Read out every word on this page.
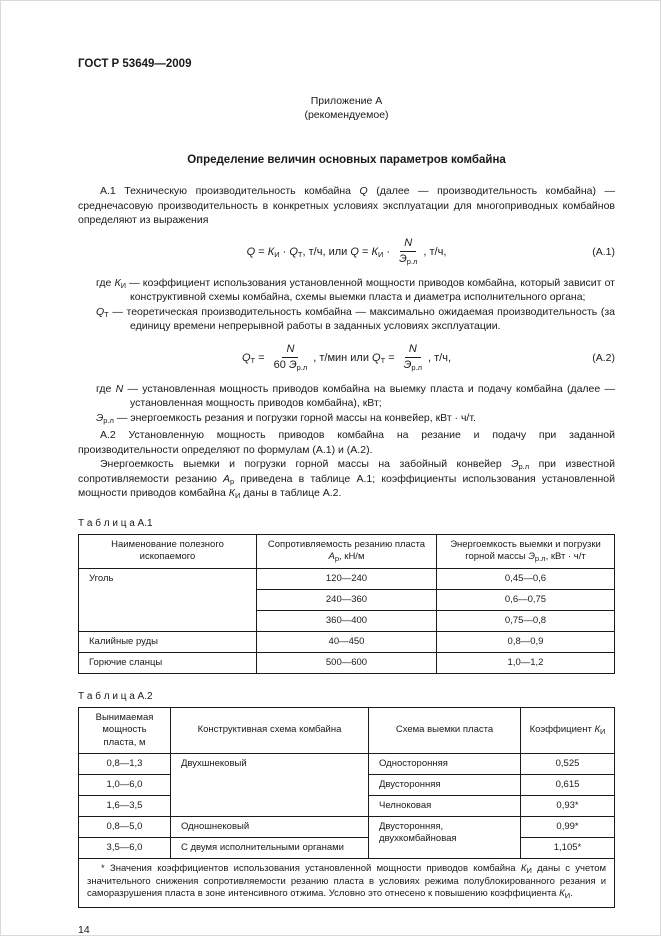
ГОСТ Р 53649—2009
Приложение А
(рекомендуемое)
Определение величин основных параметров комбайна

А.1 Техническую производительность комбайна Q (далее — производительность комбайна) — среднечасовую производительность в конкретных условиях эксплуатации для многоприводных комбайнов определяют из выражения

$Q = К_И \cdot Q_Т$, т/ч, или $Q = К_И \cdot \frac{N}{Э_{р.л}}$ , т/ч,	(А.1)

где $К_И$ — коэффициент использования установленной мощности приводов комбайна, который зависит от конструктивной схемы комбайна, схемы выемки пласта и диаметра исполнительного органа;

$Q_Т$ — теоретическая производительность комбайна — максимально ожидаемая производительность (за единицу времени непрерывной работы в заданных условиях эксплуатации.

$Q_Т = \frac{N}{60 Э_{р.л}}$ , т/мин или $Q_Т = \frac{N}{Э_{р.л}}$ , т/ч,	(А.2)

где N — установленная мощность приводов комбайна на выемку пласта и подачу комбайна (далее — установленная мощность приводов комбайна), кВт;

$Э_{р.л}$ — энергоемкость резания и погрузки горной массы на конвейер, кВт · ч/т.

А.2 Установленную мощность приводов комбайна на резание и подачу при заданной производительности определяют по формулам (А.1) и (А.2).

Энергоемкость выемки и погрузки горной массы на забойный конвейер $Э_{р.л}$ при известной сопротивляемости резанию $А_р$ приведена в таблице А.1; коэффициенты использования установленной мощности приводов комбайна $К_И$ даны в таблице А.2.

Т а б л и ц а А.1
Наименование полезного ископаемого	Сопротивляемость резанию пласта $А_р$, кН/м	Энергоемкость выемки и погрузки горной массы $Э_{р.л}$, кВт · ч/т
Уголь	120—240	0,45—0,6
	240—360	0,6—0,75
	360—400	0,75—0,8
Калийные руды	40—450	0,8—0,9
Горючие сланцы	500—600	1,0—1,2
Т а б л и ц а А.2
Вынимаемая мощность пласта, м	Конструктивная схема комбайна	Схема выемки пласта	Коэффициент $К_И$
0,8—1,3	Двухшнековый	Односторонняя	0,525
1,0—6,0		Двусторонняя	0,615
1,6—3,5		Челноковая	0,93*
0,8—5,0	Одношнековый	Двусторонняя, двухкомбайновая	0,99*
3,5—6,0	С двумя исполнительными органами		1,105*

* Значения коэффициентов использования установленной мощности приводов комбайна $К_И$ даны с учетом значительного снижения сопротивляемости резанию пласта в условиях режима полублокированного резания и саморазрушения пласта в зоне интенсивного отжима. Условно это отнесено к повышению коэффициента $К_И$.			

14
